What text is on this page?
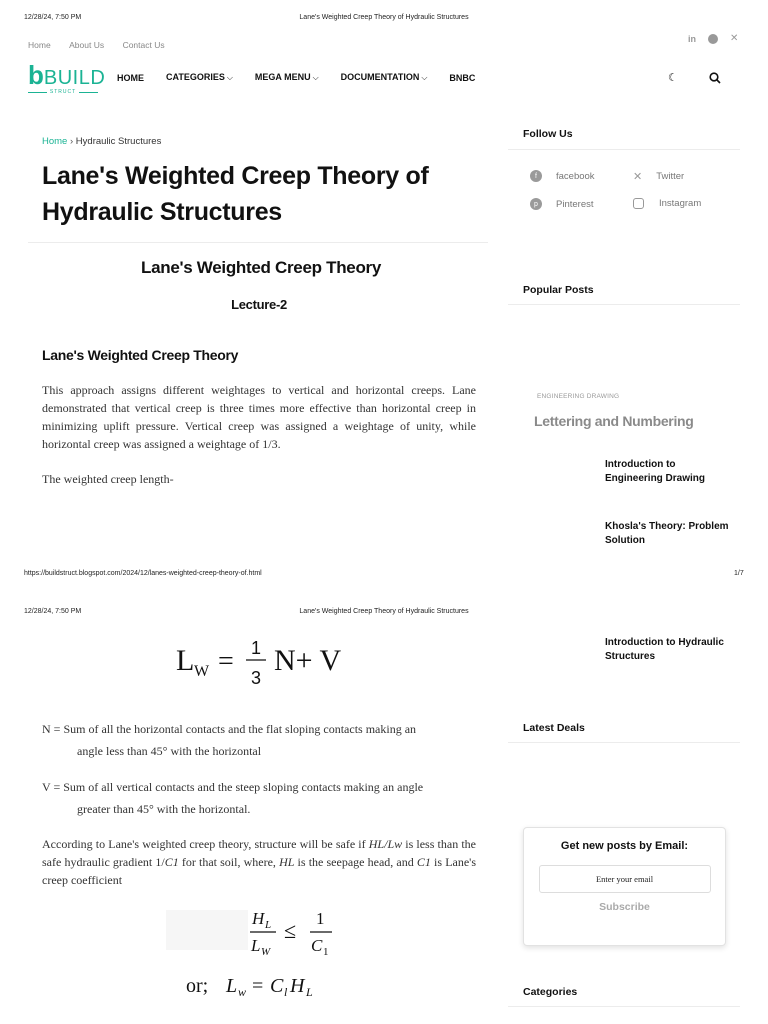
12/28/24, 7:50 PM	Lane's Weighted Creep Theory of Hydraulic Structures
Home About Us Contact Us
in	✕
b BUILD
STRUCT
HOME CATEGORIES ⌵ MEGA MENU ⌵ DOCUMENTATION ⌵ BNBC	☾
Home › Hydraulic Structures
Lane's Weighted Creep Theory of
Hydraulic Structures
Lane's Weighted Creep Theory
Lecture-2
Lane's Weighted Creep Theory
This approach assigns different weightages to vertical and horizontal creeps. Lane demonstrated that vertical creep is three times more effective than horizontal creep in minimizing uplift pressure. Vertical creep was assigned a weightage of unity, while horizontal creep was assigned a weightage of 1/3.
The weighted creep length-
https://buildstruct.blogspot.com/2024/12/lanes-weighted-creep-theory-of.html	1/7
Follow Us
f	facebook	✕ Twitter
p	Pinterest	Instagram
Popular Posts
ENGINEERING DRAWING
Lettering and Numbering
Introduction to Engineering Drawing
Khosla's Theory: Problem Solution
12/28/24, 7:50 PM	Lane's Weighted Creep Theory of Hydraulic Structures
L W = 1
3
N+ V
N = Sum of all the horizontal contacts and the flat sloping contacts making an
angle less than 45° with the horizontal
V = Sum of all vertical contacts and the steep sloping contacts making an angle
greater than 45° with the horizontal.
According to Lane's weighted creep theory, structure will be safe if HL/Lw is less than the safe hydraulic gradient 1/C1 for that soil, where, HL is the seepage head, and C1 is Lane's creep coefficient
H L
L W
≤ 1
C 1
or; L w = C l H L
Introduction to Hydraulic Structures
Latest Deals
Get new posts by Email:
Enter your email
Subscribe
Categories
